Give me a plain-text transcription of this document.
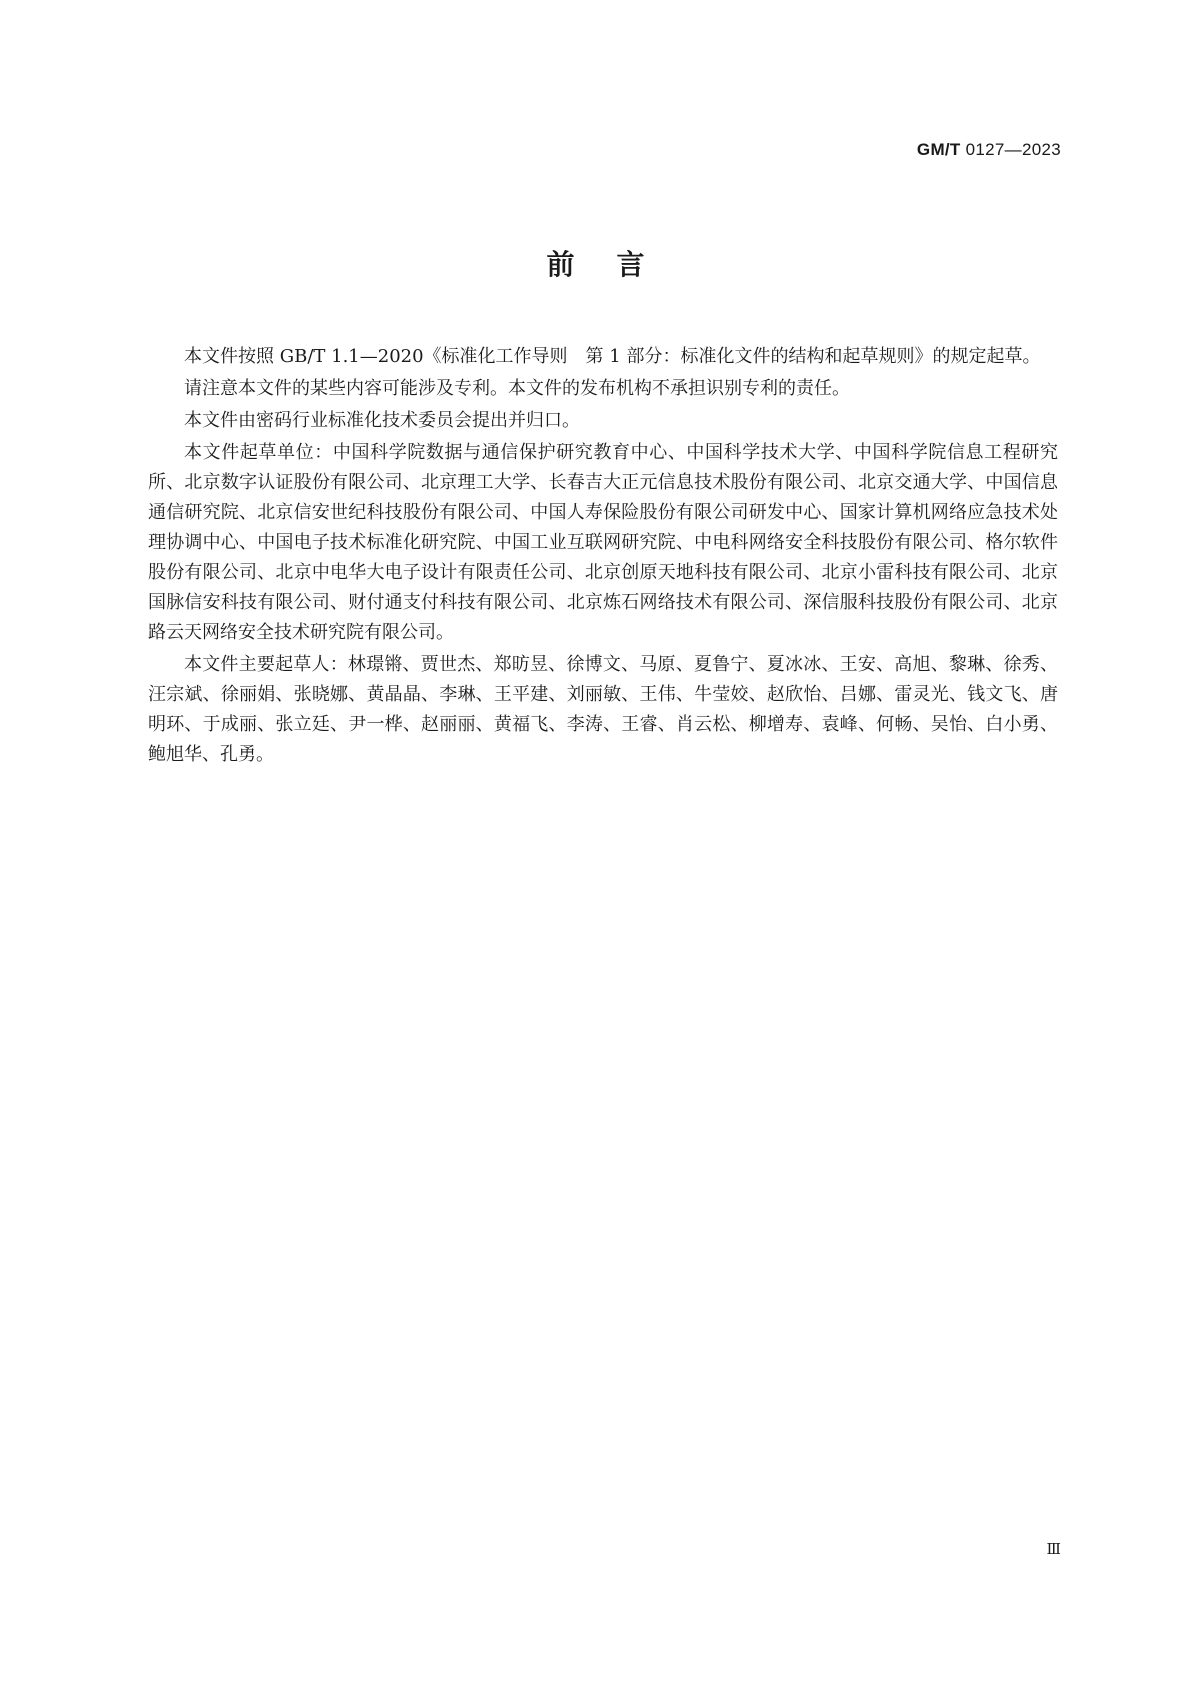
GM/T 0127—2023
前言

本文件按照 GB/T 1.1—2020《标准化工作导则　第 1 部分：标准化文件的结构和起草规则》的规定起草。

请注意本文件的某些内容可能涉及专利。本文件的发布机构不承担识别专利的责任。

本文件由密码行业标准化技术委员会提出并归口。

本文件起草单位：中国科学院数据与通信保护研究教育中心、中国科学技术大学、中国科学院信息工程研究所、北京数字认证股份有限公司、北京理工大学、长春吉大正元信息技术股份有限公司、北京交通大学、中国信息通信研究院、北京信安世纪科技股份有限公司、中国人寿保险股份有限公司研发中心、国家计算机网络应急技术处理协调中心、中国电子技术标准化研究院、中国工业互联网研究院、中电科网络安全科技股份有限公司、格尔软件股份有限公司、北京中电华大电子设计有限责任公司、北京创原天地科技有限公司、北京小雷科技有限公司、北京国脉信安科技有限公司、财付通支付科技有限公司、北京炼石网络技术有限公司、深信服科技股份有限公司、北京路云天网络安全技术研究院有限公司。

本文件主要起草人：林璟锵、贾世杰、郑昉昱、徐博文、马原、夏鲁宁、夏冰冰、王安、高旭、黎琳、徐秀、汪宗斌、徐丽娟、张晓娜、黄晶晶、李琳、王平建、刘丽敏、王伟、牛莹姣、赵欣怡、吕娜、雷灵光、钱文飞、唐明环、于成丽、张立廷、尹一桦、赵丽丽、黄福飞、李涛、王睿、肖云松、柳增寿、袁峰、何畅、吴怡、白小勇、鲍旭华、孔勇。

Ⅲ
